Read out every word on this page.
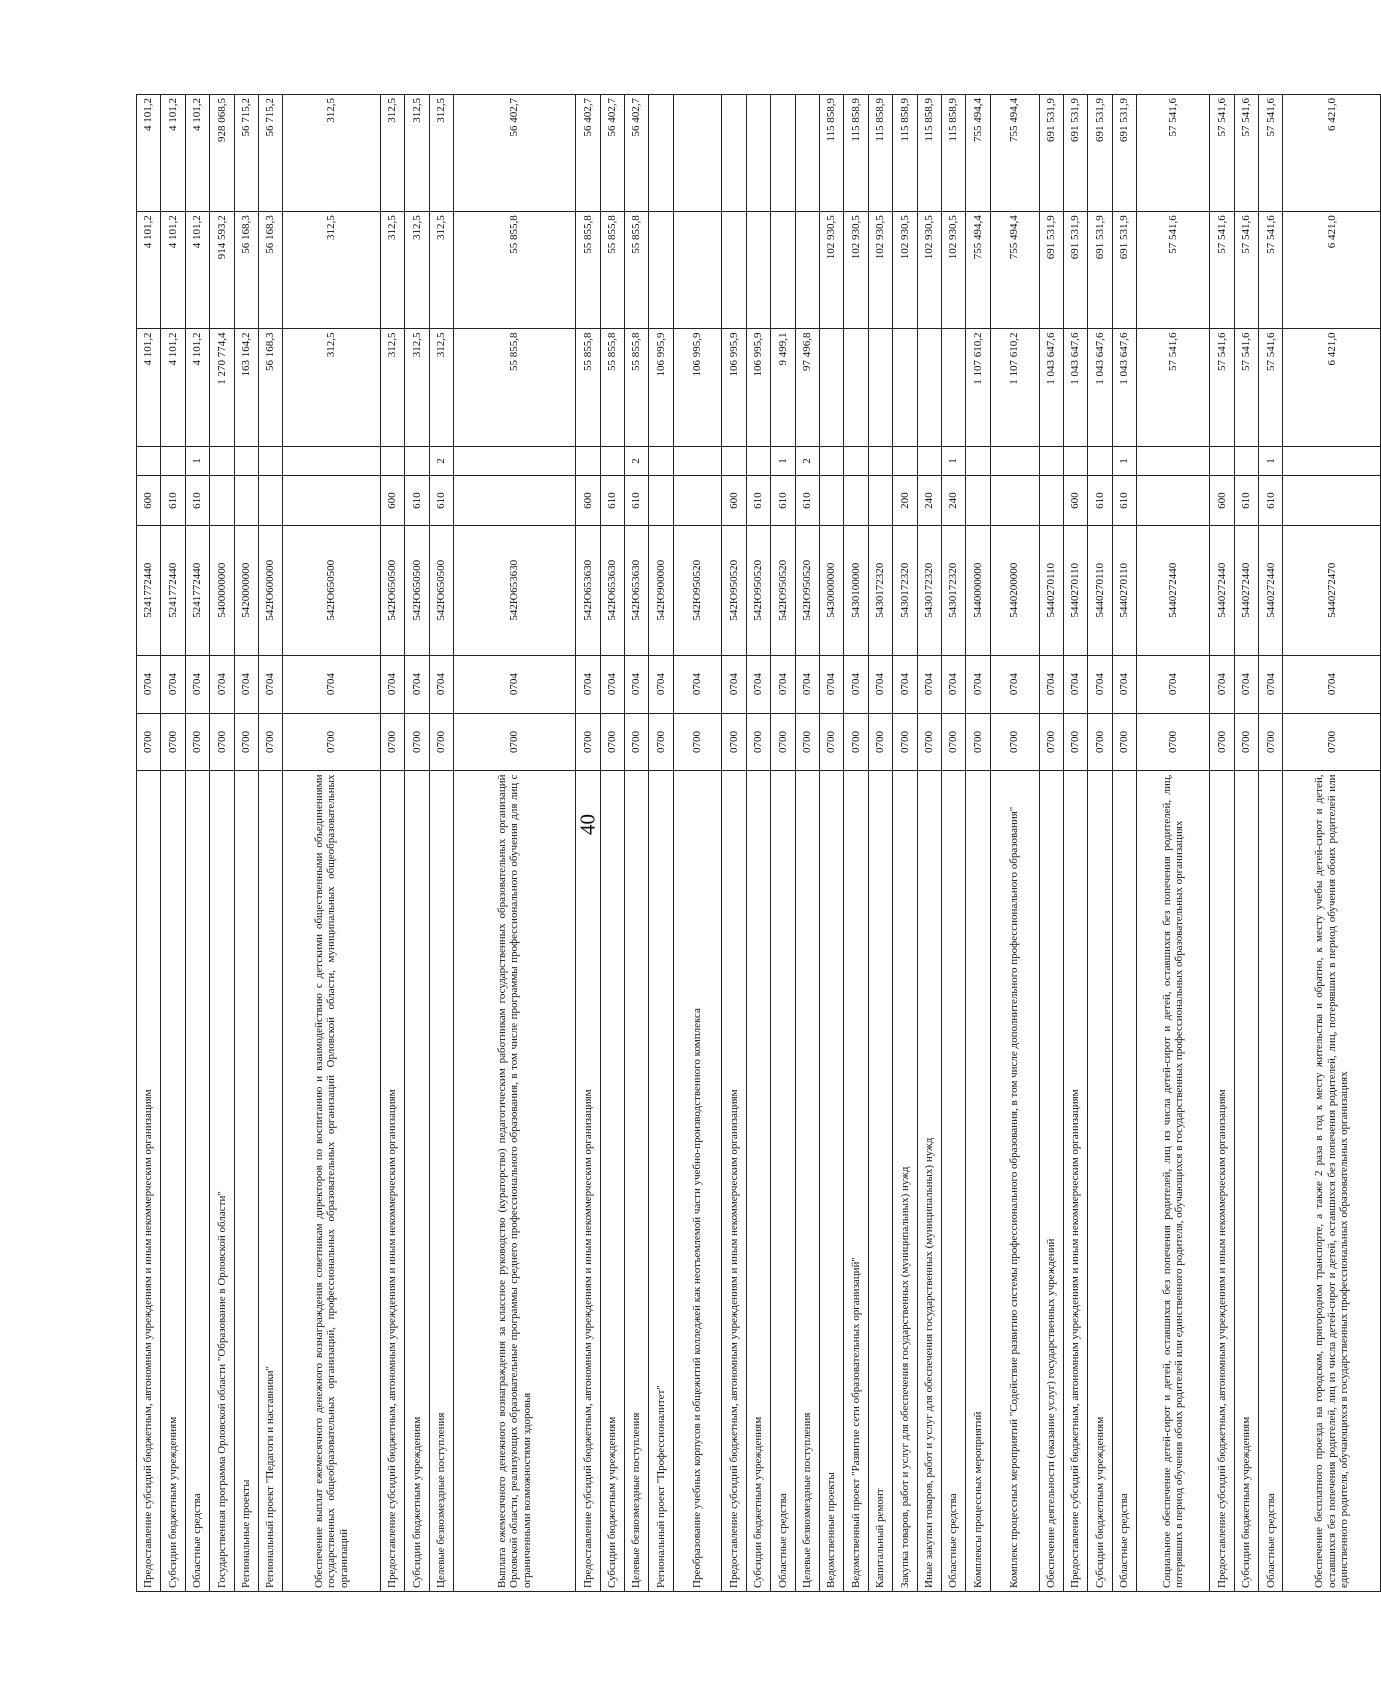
40
Предоставление субсидий бюджетным, автономным учреждениям и иным некоммерческим организациям	0700	0704	5241772440	600		4 101,2	4 101,2	4 101,2
Субсидии бюджетным учреждениям	0700	0704	5241772440	610		4 101,2	4 101,2	4 101,2
Областные средства	0700	0704	5241772440	610	1	4 101,2	4 101,2	4 101,2
Государственная программа Орловской области "Образование в Орловской области"	0700	0704	5400000000			1 270 774,4	914 593,2	928 068,5
Региональные проекты	0700	0704	5420000000			163 164,2	56 168,3	56 715,2
Региональный проект "Педагоги и наставники"	0700	0704	542Ю600000			56 168,3	56 168,3	56 715,2
Обеспечение выплат ежемесячного денежного вознаграждения советникам директоров по воспитанию и взаимодействию с детскими общественными объединениями государственных общеобразовательных организаций, профессиональных образовательных организаций Орловской области, муниципальных общеобразовательных организаций	0700	0704	542Ю650500			312,5	312,5	312,5
Предоставление субсидий бюджетным, автономным учреждениям и иным некоммерческим организациям	0700	0704	542Ю650500	600		312,5	312,5	312,5
Субсидии бюджетным учреждениям	0700	0704	542Ю650500	610		312,5	312,5	312,5
Целевые безвозмездные поступления	0700	0704	542Ю650500	610	2	312,5	312,5	312,5
Выплата ежемесячного денежного вознаграждения за классное руководство (кураторство) педагогическим работникам государственных образовательных организаций Орловской области, реализующих образовательные программы среднего профессионального образования, в том числе программы профессионального обучения для лиц с ограниченными возможностями здоровья	0700	0704	542Ю653630			55 855,8	55 855,8	56 402,7
Предоставление субсидий бюджетным, автономным учреждениям и иным некоммерческим организациям	0700	0704	542Ю653630	600		55 855,8	55 855,8	56 402,7
Субсидии бюджетным учреждениям	0700	0704	542Ю653630	610		55 855,8	55 855,8	56 402,7
Целевые безвозмездные поступления	0700	0704	542Ю653630	610	2	55 855,8	55 855,8	56 402,7
Региональный проект "Профессионалитет"	0700	0704	542Ю900000			106 995,9		
Преобразование учебных корпусов и общежитий колледжей как неотъемлемой части учебно-производственного комплекса	0700	0704	542Ю950520			106 995,9		
Предоставление субсидий бюджетным, автономным учреждениям и иным некоммерческим организациям	0700	0704	542Ю950520	600		106 995,9		
Субсидии бюджетным учреждениям	0700	0704	542Ю950520	610		106 995,9		
Областные средства	0700	0704	542Ю950520	610	1	9 499,1		
Целевые безвозмездные поступления	0700	0704	542Ю950520	610	2	97 496,8		
Ведомственные проекты	0700	0704	5430000000				102 930,5	115 858,9
Ведомственный проект "Развитие сети образовательных организаций"	0700	0704	5430100000				102 930,5	115 858,9
Капитальный ремонт	0700	0704	5430172320				102 930,5	115 858,9
Закупка товаров, работ и услуг для обеспечения государственных (муниципальных) нужд	0700	0704	5430172320	200			102 930,5	115 858,9
Иные закупки товаров, работ и услуг для обеспечения государственных (муниципальных) нужд	0700	0704	5430172320	240			102 930,5	115 858,9
Областные средства	0700	0704	5430172320	240	1		102 930,5	115 858,9
Комплексы процессных мероприятий	0700	0704	5440000000			1 107 610,2	755 494,4	755 494,4
Комплекс процессных мероприятий "Содействие развитию системы профессионального образования, в том числе дополнительного профессионального образования"	0700	0704	5440200000			1 107 610,2	755 494,4	755 494,4
Обеспечение деятельности (оказание услуг) государственных учреждений	0700	0704	5440270110			1 043 647,6	691 531,9	691 531,9
Предоставление субсидий бюджетным, автономным учреждениям и иным некоммерческим организациям	0700	0704	5440270110	600		1 043 647,6	691 531,9	691 531,9
Субсидии бюджетным учреждениям	0700	0704	5440270110	610		1 043 647,6	691 531,9	691 531,9
Областные средства	0700	0704	5440270110	610	1	1 043 647,6	691 531,9	691 531,9
Социальное обеспечение детей-сирот и детей, оставшихся без попечения родителей, лиц из числа детей-сирот и детей, оставшихся без попечения родителей, лиц, потерявших в период обучения обоих родителей или единственного родителя, обучающихся в государственных профессиональных образовательных организациях	0700	0704	5440272440			57 541,6	57 541,6	57 541,6
Предоставление субсидий бюджетным, автономным учреждениям и иным некоммерческим организациям	0700	0704	5440272440	600		57 541,6	57 541,6	57 541,6
Субсидии бюджетным учреждениям	0700	0704	5440272440	610		57 541,6	57 541,6	57 541,6
Областные средства	0700	0704	5440272440	610	1	57 541,6	57 541,6	57 541,6
Обеспечение бесплатного проезда на городском, пригородном транспорте, а также 2 раза в год к месту жительства и обратно, к месту учебы детей-сирот и детей, оставшихся без попечения родителей, лиц из числа детей-сирот и детей, оставшихся без попечения родителей, лиц, потерявших в период обучения обоих родителей или единственного родителя, обучающихся в государственных профессиональных образовательных организациях	0700	0704	5440272470			6 421,0	6 421,0	6 421,0
